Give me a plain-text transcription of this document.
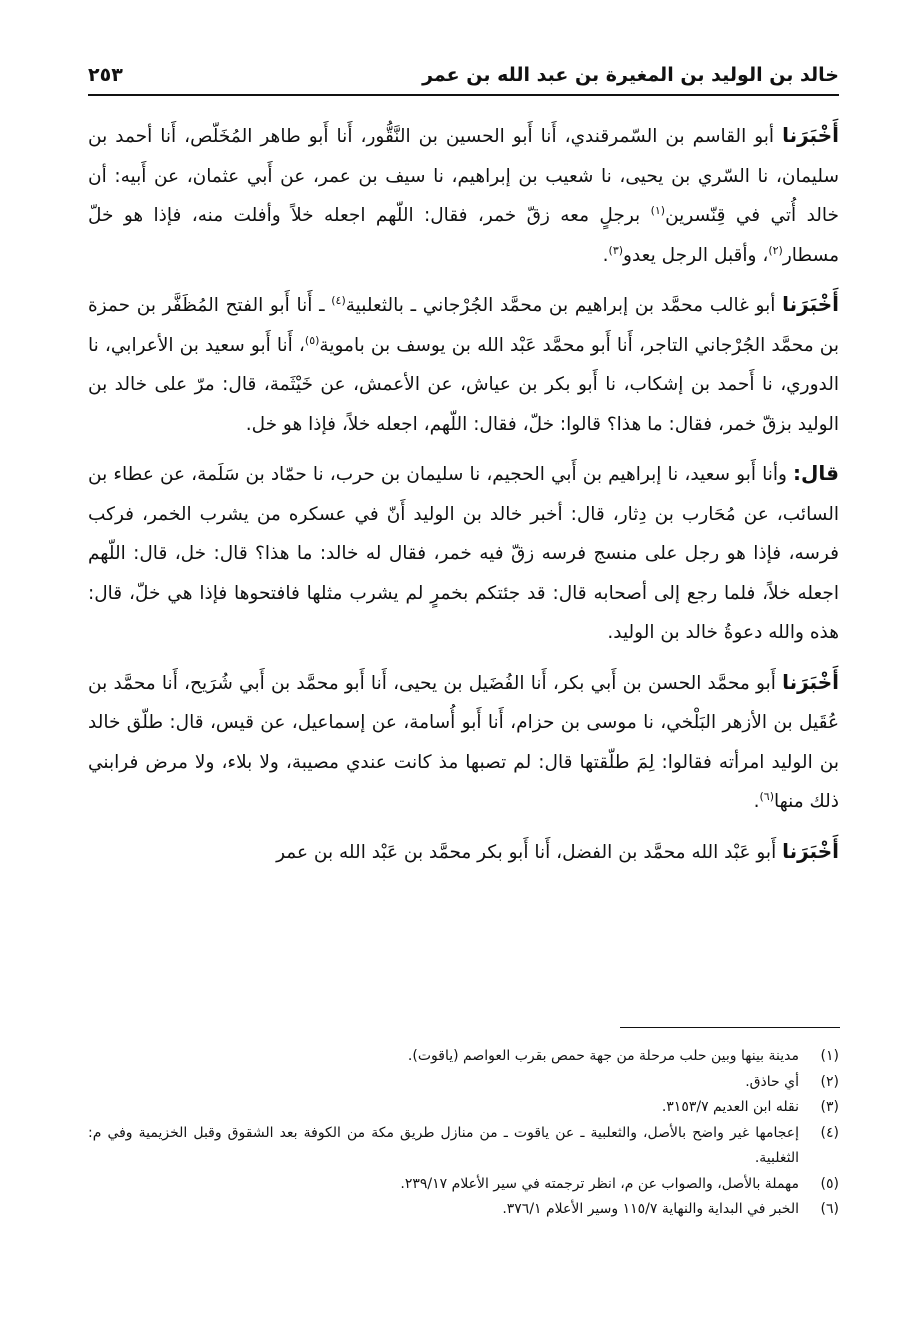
خالد بن الوليد بن المغيرة بن عبد الله بن عمر
٢٥٣

أَخْبَرَنا أبو القاسم بن السّمرقندي، أَنا أَبو الحسين بن النَّقُّور، أَنا أَبو طاهر المُخَلّص، أَنا أحمد بن سليمان، نا السّري بن يحيى، نا شعيب بن إبراهيم، نا سيف بن عمر، عن أَبي عثمان، عن أَبيه: أن خالد أُتي في قِنّسرين$^{(١)}$ برجلٍ معه زقّ خمر، فقال: اللّهم اجعله خلاً وأفلت منه، فإذا هو خلّ مسطار$^{(٢)}$، وأقبل الرجل يعدو$^{(٣)}$.

أَخْبَرَنا أبو غالب محمَّد بن إبراهيم بن محمَّد الجُرْجاني ـ بالثعلبية$^{(٤)}$ ـ أَنا أَبو الفتح المُظَفَّر بن حمزة بن محمَّد الجُرْجاني التاجر، أَنا أَبو محمَّد عَبْد الله بن يوسف بن باموية$^{(٥)}$، أَنا أَبو سعيد بن الأعرابي، نا الدوري، نا أَحمد بن إشكاب، نا أَبو بكر بن عياش، عن الأعمش، عن خَيْثَمة، قال: مرّ على خالد بن الوليد بزقّ خمر، فقال: ما هذا؟ قالوا: خلّ، فقال: اللّهم، اجعله خلاً، فإذا هو خل.

قال: وأنا أَبو سعيد، نا إبراهيم بن أَبي الحجيم، نا سليمان بن حرب، نا حمّاد بن سَلَمة، عن عطاء بن السائب، عن مُحَارب بن دِثار، قال: أخبر خالد بن الوليد أَنّ في عسكره من يشرب الخمر، فركب فرسه، فإذا هو رجل على منسج فرسه زقّ فيه خمر، فقال له خالد: ما هذا؟ قال: خل، قال: اللّهم اجعله خلاً، فلما رجع إلى أصحابه قال: قد جئتكم بخمرٍ لم يشرب مثلها فافتحوها فإذا هي خلّ، قال: هذه والله دعوةُ خالد بن الوليد.

أَخْبَرَنا أَبو محمَّد الحسن بن أَبي بكر، أَنا الفُضَيل بن يحيى، أَنا أَبو محمَّد بن أَبي شُرَيح، أَنا محمَّد بن عُقَيل بن الأزهر البَلْخي، نا موسى بن حزام، أَنا أَبو أُسامة، عن إسماعيل، عن قيس، قال: طلّق خالد بن الوليد امرأته فقالوا: لِمَ طلّقتها قال: لم تصبها مذ كانت عندي مصيبة، ولا بلاء، ولا مرض فرابني ذلك منها$^{(٦)}$.

أَخْبَرَنا أَبو عَبْد الله محمَّد بن الفضل، أَنا أَبو بكر محمَّد بن عَبْد الله بن عمر

(١)
مدينة بينها وبين حلب مرحلة من جهة حمص بقرب العواصم (ياقوت).
(٢)
أي حاذق.
(٣)
نقله ابن العديم ٣١٥٣/٧.
(٤)
إعجامها غير واضح بالأصل، والثعلبية ـ عن ياقوت ـ من منازل طريق مكة من الكوفة بعد الشقوق وقبل الخزيمية وفي م: الثغلبية.
(٥)
مهملة بالأصل، والصواب عن م، انظر ترجمته في سير الأعلام ٢٣٩/١٧.
(٦)
الخبر في البداية والنهاية ١١٥/٧ وسير الأعلام ٣٧٦/١.
